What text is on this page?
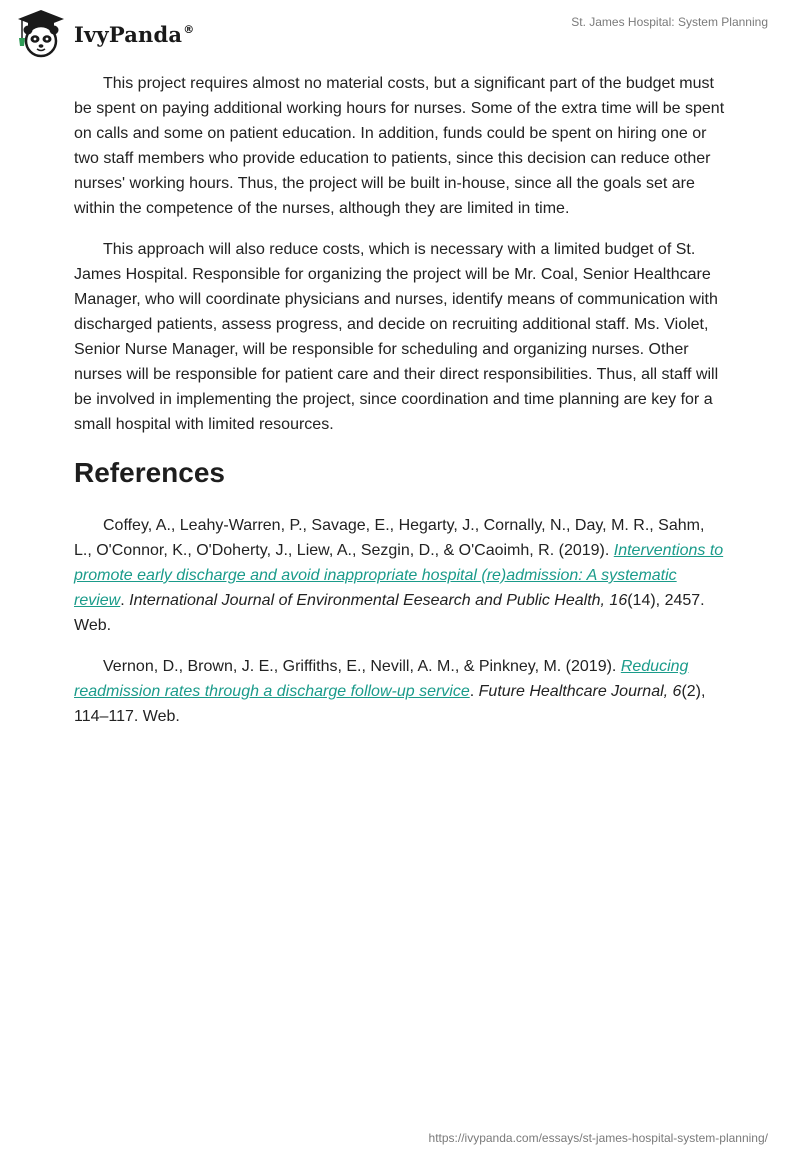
IvyPanda®	St. James Hospital: System Planning

This project requires almost no material costs, but a significant part of the budget must be spent on paying additional working hours for nurses. Some of the extra time will be spent on calls and some on patient education. In addition, funds could be spent on hiring one or two staff members who provide education to patients, since this decision can reduce other nurses' working hours. Thus, the project will be built in-house, since all the goals set are within the competence of the nurses, although they are limited in time.

This approach will also reduce costs, which is necessary with a limited budget of St. James Hospital. Responsible for organizing the project will be Mr. Coal, Senior Healthcare Manager, who will coordinate physicians and nurses, identify means of communication with discharged patients, assess progress, and decide on recruiting additional staff. Ms. Violet, Senior Nurse Manager, will be responsible for scheduling and organizing nurses. Other nurses will be responsible for patient care and their direct responsibilities. Thus, all staff will be involved in implementing the project, since coordination and time planning are key for a small hospital with limited resources.

References

Coffey, A., Leahy-Warren, P., Savage, E., Hegarty, J., Cornally, N., Day, M. R., Sahm, L., O'Connor, K., O'Doherty, J., Liew, A., Sezgin, D., & O'Caoimh, R. (2019). Interventions to promote early discharge and avoid inappropriate hospital (re)admission: A systematic review. International Journal of Environmental Eesearch and Public Health, 16(14), 2457. Web.

Vernon, D., Brown, J. E., Griffiths, E., Nevill, A. M., & Pinkney, M. (2019). Reducing readmission rates through a discharge follow-up service. Future Healthcare Journal, 6(2), 114–117. Web.

https://ivypanda.com/essays/st-james-hospital-system-planning/
